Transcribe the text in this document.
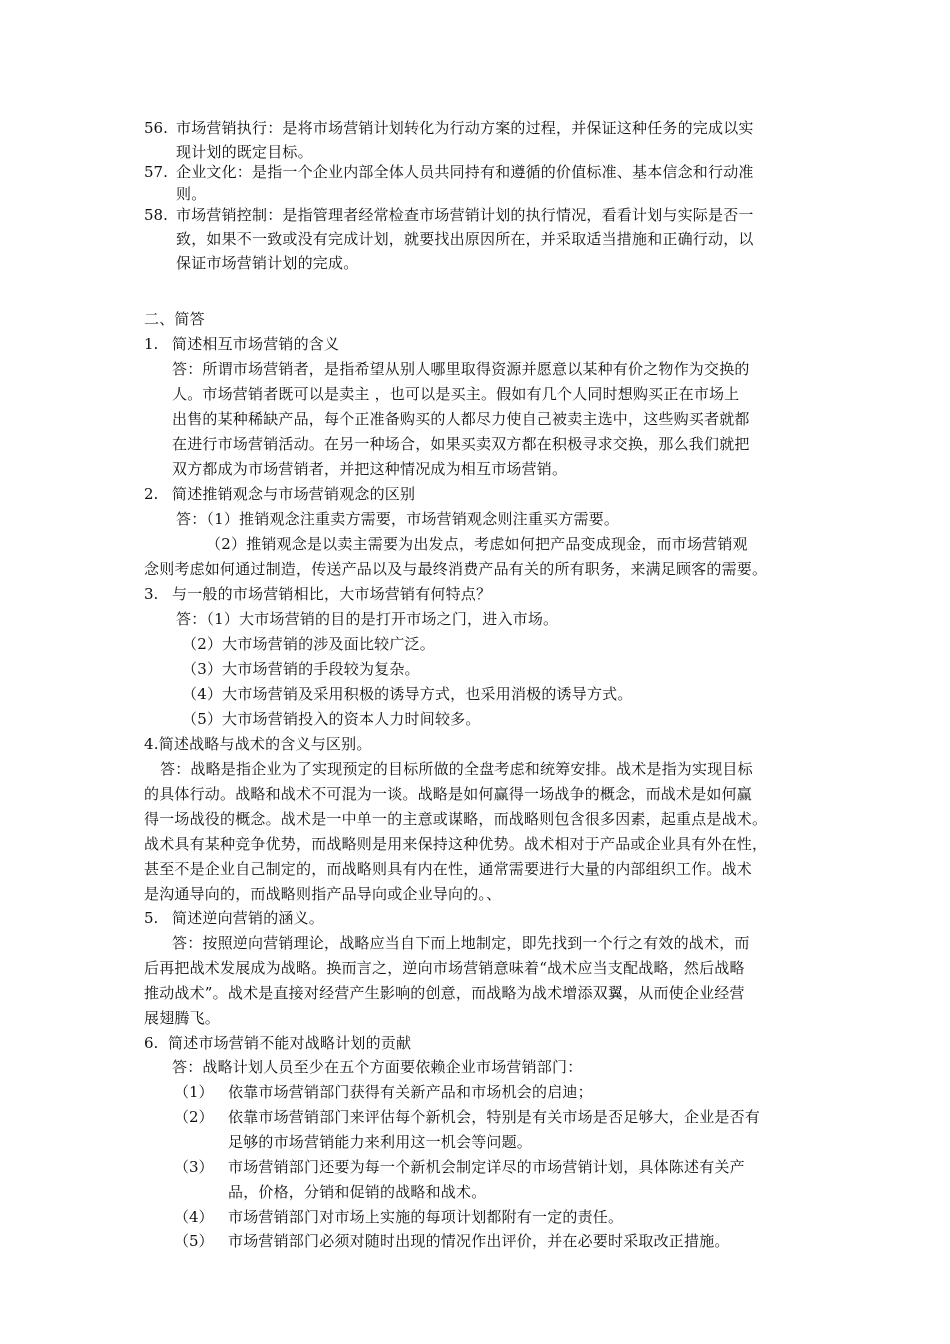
56. 市场营销执行：是将市场营销计划转化为行动方案的过程，并保证这种任务的完成以实
现计划的既定目标。
57. 企业文化：是指一个企业内部全体人员共同持有和遵循的价值标准、基本信念和行动准
则。
58. 市场营销控制：是指管理者经常检查市场营销计划的执行情况，看看计划与实际是否一
致，如果不一致或没有完成计划，就要找出原因所在，并采取适当措施和正确行动，以
保证市场营销计划的完成。
二、简答
1. 简述相互市场营销的含义
答：所谓市场营销者，是指希望从别人哪里取得资源并愿意以某种有价之物作为交换的
人。市场营销者既可以是卖主 ，也可以是买主。假如有几个人同时想购买正在市场上
出售的某种稀缺产品，每个正准备购买的人都尽力使自己被卖主选中，这些购买者就都
在进行市场营销活动。在另一种场合，如果买卖双方都在积极寻求交换，那么我们就把
双方都成为市场营销者，并把这种情况成为相互市场营销。
2. 简述推销观念与市场营销观念的区别
答：（1）推销观念注重卖方需要，市场营销观念则注重买方需要。
（2）推销观念是以卖主需要为出发点，考虑如何把产品变成现金，而市场营销观
念则考虑如何通过制造，传送产品以及与最终消费产品有关的所有职务，来满足顾客的需要。
3. 与一般的市场营销相比，大市场营销有何特点？
答：（1）大市场营销的目的是打开市场之门，进入市场。
（2）大市场营销的涉及面比较广泛。
（3）大市场营销的手段较为复杂。
（4）大市场营销及采用积极的诱导方式，也采用消极的诱导方式。
（5）大市场营销投入的资本人力时间较多。
4.简述战略与战术的含义与区别。
答：战略是指企业为了实现预定的目标所做的全盘考虑和统筹安排。战术是指为实现目标
的具体行动。战略和战术不可混为一谈。战略是如何赢得一场战争的概念，而战术是如何赢
得一场战役的概念。战术是一中单一的主意或谋略，而战略则包含很多因素，起重点是战术。
战术具有某种竞争优势，而战略则是用来保持这种优势。战术相对于产品或企业具有外在性，
甚至不是企业自己制定的，而战略则具有内在性，通常需要进行大量的内部组织工作。战术
是沟通导向的，而战略则指产品导向或企业导向的。、
5. 简述逆向营销的涵义。
答：按照逆向营销理论，战略应当自下而上地制定，即先找到一个行之有效的战术，而
后再把战术发展成为战略。换而言之，逆向市场营销意味着“战术应当支配战略，然后战略
推动战术”。战术是直接对经营产生影响的创意，而战略为战术增添双翼，从而使企业经营
展翅腾飞。
6. 简述市场营销不能对战略计划的贡献
答：战略计划人员至少在五个方面要依赖企业市场营销部门：
（1） 依靠市场营销部门获得有关新产品和市场机会的启迪；
（2） 依靠市场营销部门来评估每个新机会，特别是有关市场是否足够大，企业是否有
足够的市场营销能力来利用这一机会等问题。
（3） 市场营销部门还要为每一个新机会制定详尽的市场营销计划，具体陈述有关产
品，价格，分销和促销的战略和战术。
（4） 市场营销部门对市场上实施的每项计划都附有一定的责任。
（5） 市场营销部门必须对随时出现的情况作出评价，并在必要时采取改正措施。
